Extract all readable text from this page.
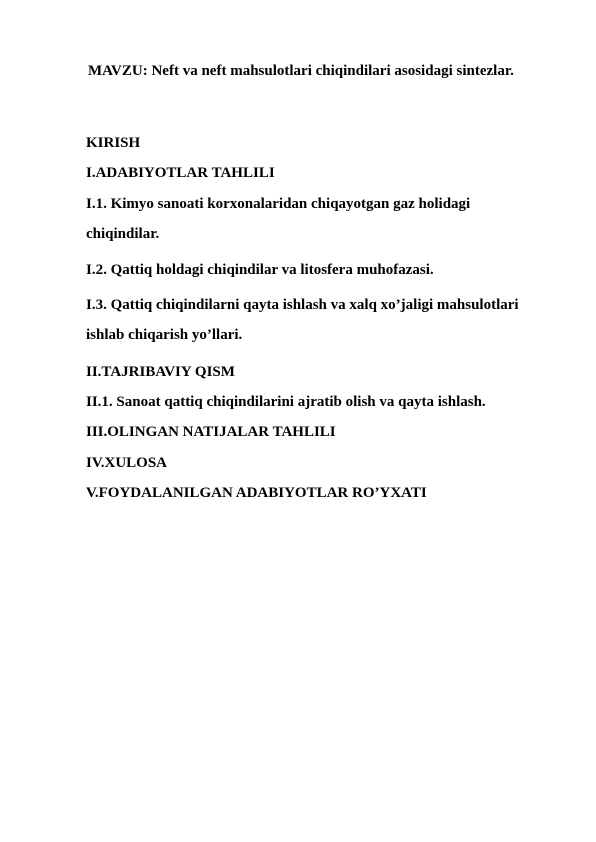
MAVZU: Neft va neft mahsulotlari chiqindilari asosidagi sintezlar.
KIRISH
I.ADABIYOTLAR TAHLILI
I.1. Kimyo sanoati korxonalaridan chiqayotgan gaz holidagi
chiqindilar.
I.2. Qattiq holdagi chiqindilar va litosfera muhofazasi.
I.3. Qattiq chiqindilarni qayta ishlash va xalq xo’jaligi mahsulotlari
ishlab chiqarish yo’llari.
II.TAJRIBAVIY QISM
II.1. Sanoat qattiq chiqindilarini ajratib olish va qayta ishlash.
III.OLINGAN NATIJALAR TAHLILI
IV.XULOSA
V.FOYDALANILGAN ADABIYOTLAR RO’YXATI
